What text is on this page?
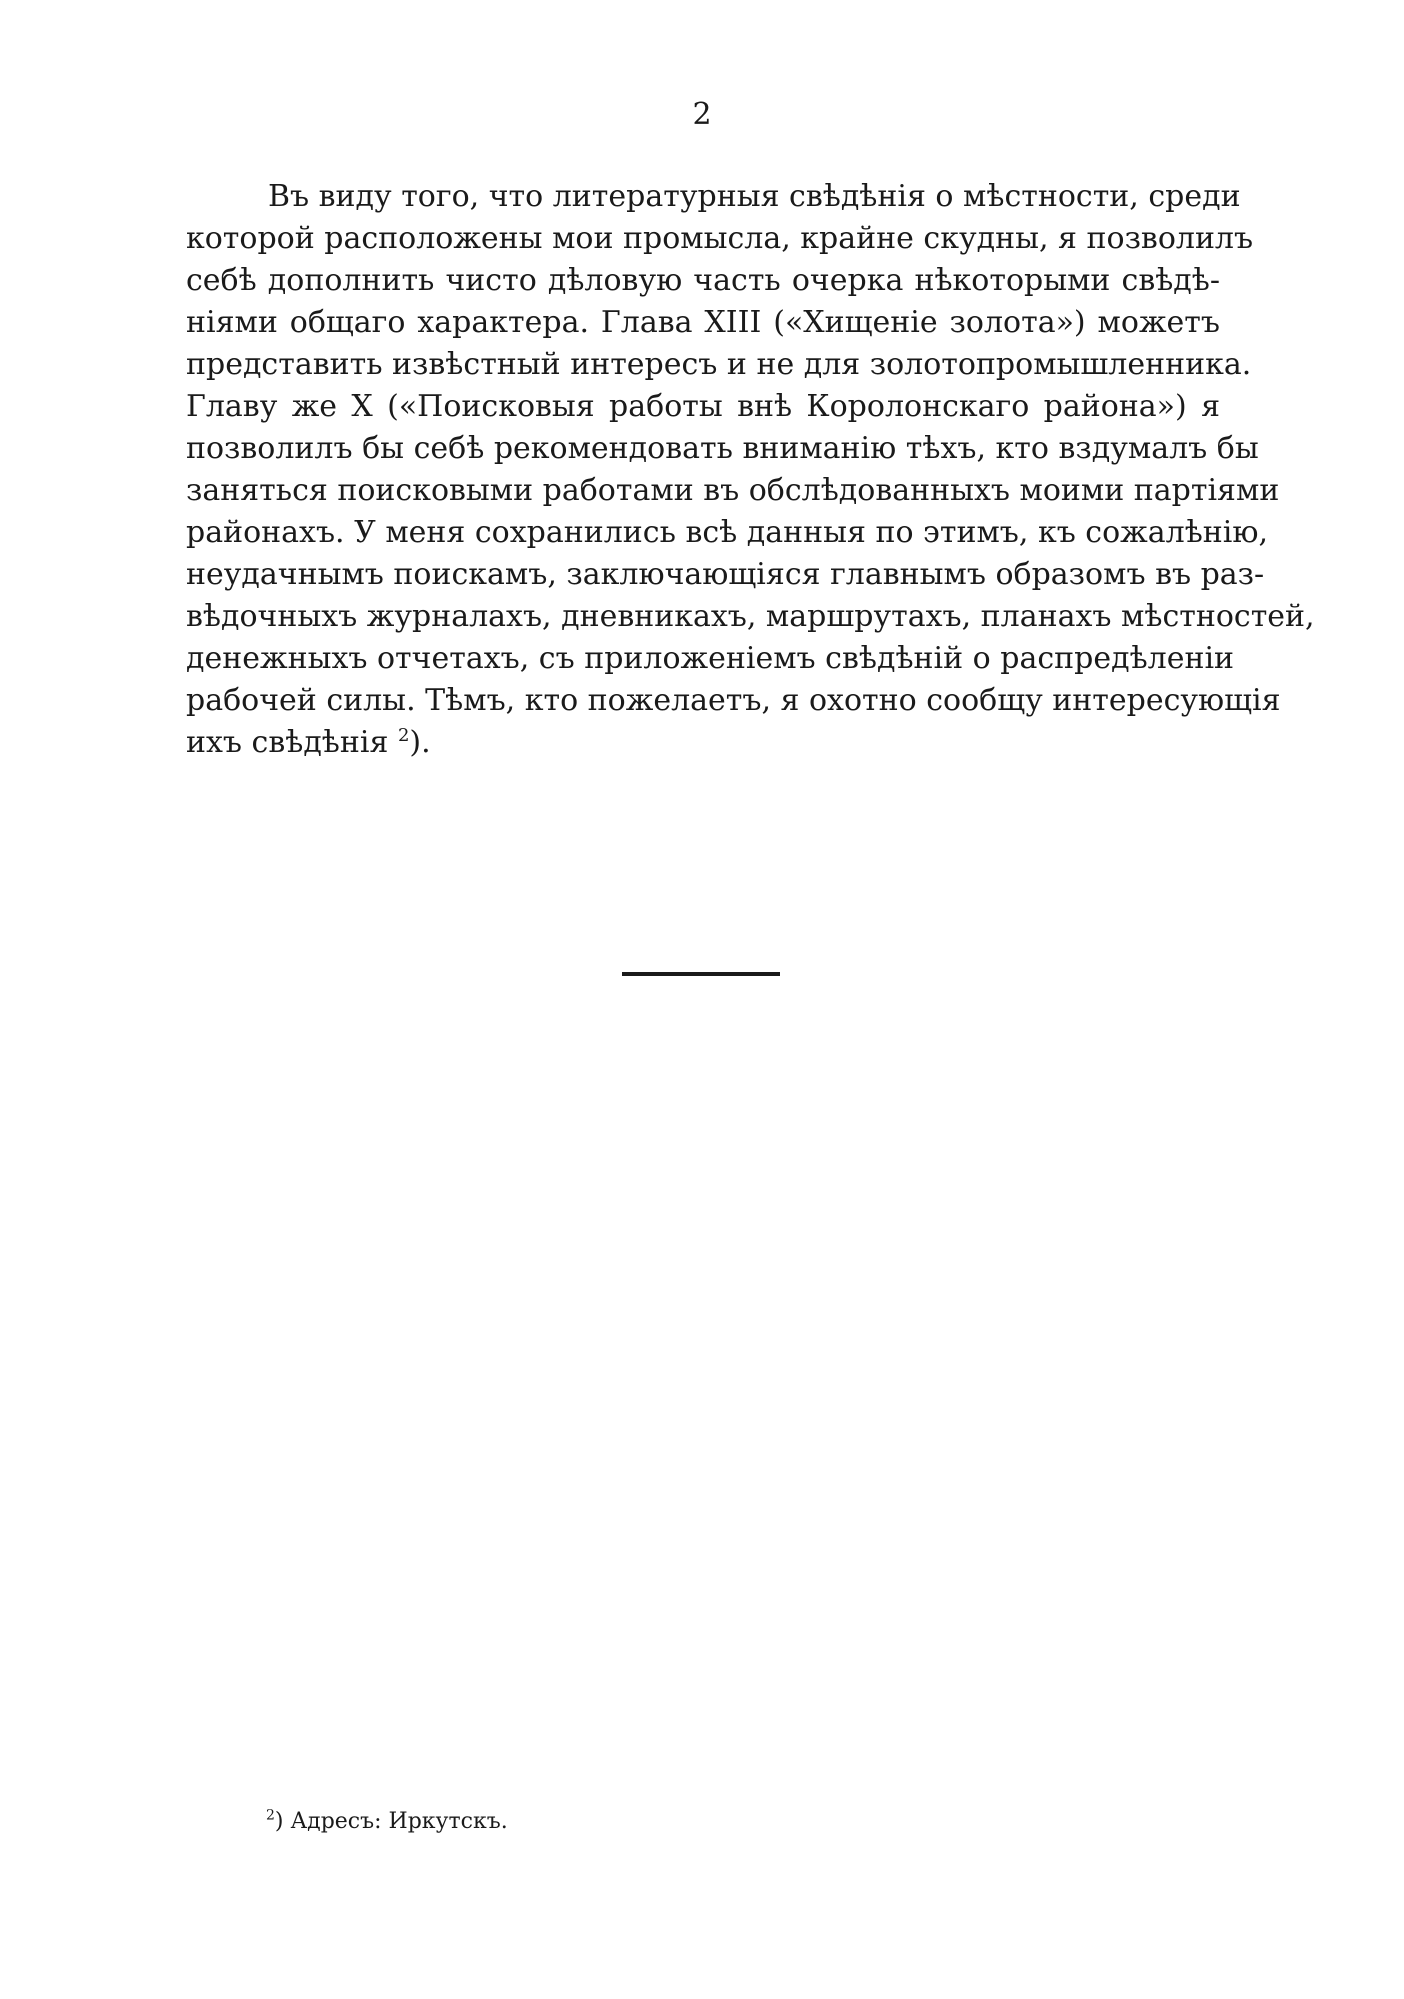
2
Въ виду того, что литературныя свѣдѣнія о мѣстности, среди
которой расположены мои промысла, крайне скудны, я позволилъ
себѣ дополнить чисто дѣловую часть очерка нѣкоторыми свѣдѣ-
ніями общаго характера. Глава XIII («Хищеніе золота») можетъ
представить извѣстный интересъ и не для золотопромышленника.
Главу же X («Поисковыя работы внѣ Королонскаго района») я
позволилъ бы себѣ рекомендовать вниманію тѣхъ, кто вздумалъ бы
заняться поисковыми работами въ обслѣдованныхъ моими партіями
районахъ. У меня сохранились всѣ данныя по этимъ, къ сожалѣнію,
неудачнымъ поискамъ, заключающіяся главнымъ образомъ въ раз-
вѣдочныхъ журналахъ, дневникахъ, маршрутахъ, планахъ мѣстностей,
денежныхъ отчетахъ, съ приложеніемъ свѣдѣній о распредѣленіи
рабочей силы. Тѣмъ, кто пожелаетъ, я охотно сообщу интересующія
ихъ свѣдѣнія $^2$).
$^2$) Адресъ: Иркутскъ.
